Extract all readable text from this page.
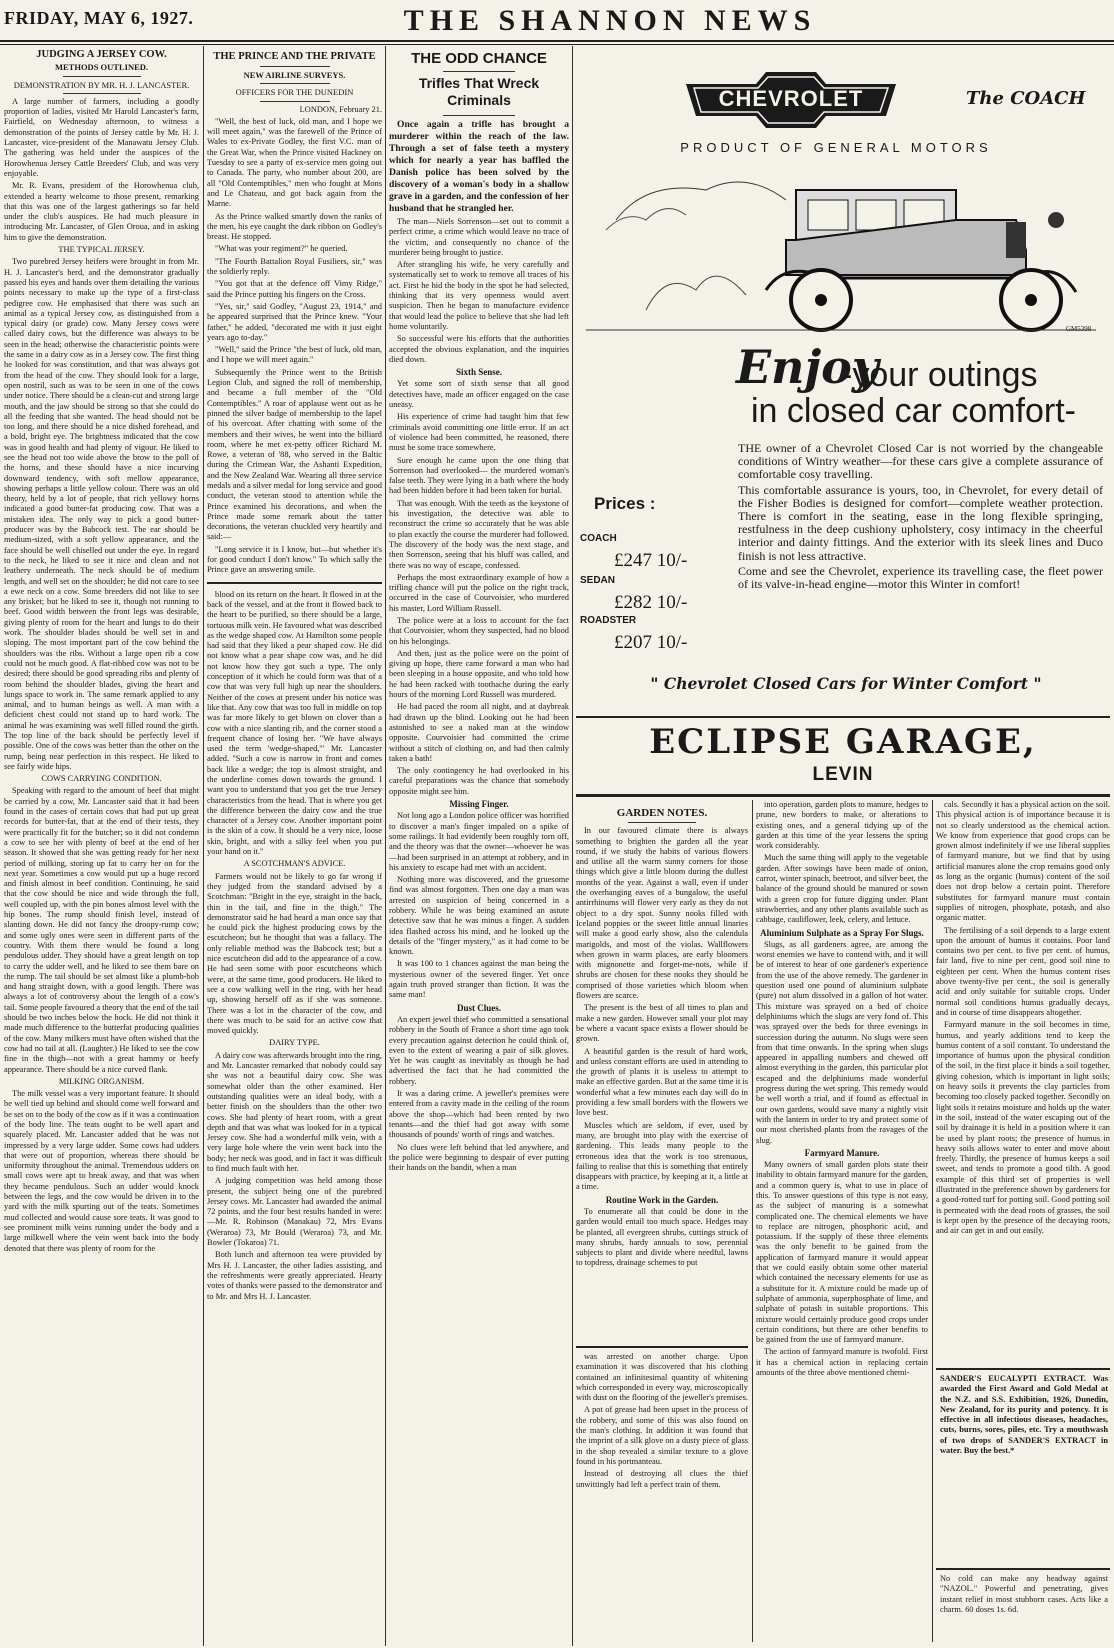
FRIDAY, MAY 6, 1927.	THE SHANNON NEWS
JUDGING A JERSEY COW.
METHODS OUTLINED.
DEMONSTRATION BY MR. H. J. LANCASTER.

A large number of farmers, including a goodly proportion of ladies, visited Mr Harold Lancaster's farm, Fairfield, on Wednesday afternoon, to witness a demonstration of the points of Jersey cattle by Mr. H. J. Lancaster, vice-president of the Manawatu Jersey Club. The gathering was held under the auspices of the Horowhenua Jersey Cattle Breeders' Club, and was very enjoyable.

Mr. R. Evans, president of the Horowhenua club, extended a hearty welcome to those present, remarking that this was one of the largest gatherings so far held under the club's auspices. He had much pleasure in introducing Mr. Lancaster, of Glen Oroua, and in asking him to give the demonstration.

THE TYPICAL JERSEY.

Two purebred Jersey heifers were brought in from Mr. H. J. Lancaster's herd, and the demonstrator gradually passed his eyes and hands over them detailing the various points necessary to make up the type of a first-class pedigree cow. He emphasised that there was such an animal as a typical Jersey cow, as distinguished from a typical dairy (or grade) cow. Many Jersey cows were called dairy cows, but the difference was always to be seen in the head; otherwise the characteristic points were the same in a dairy cow as in a Jersey cow. The first thing he looked for was constitution, and that was always got from the head of the cow. They should look for a large, open nostril, such as was to be seen in one of the cows under notice. There should be a clean-cut and strong large mouth, and the jaw should be strong so that she could do all the feeding that she wanted. The head should not be too long, and there should be a nice dished forehead, and a bold, bright eye. The brightness indicated that the cow was in good health and had plenty of vigour. He liked to see the head not too wide above the brow to the poll of the horns, and these should have a nice incurving downward tendency, with soft mellow appearance, showing perhaps a little yellow colour. There was an old theory, held by a lot of people, that rich yellowy horns indicated a good butter-fat producing cow. That was a mistaken idea. The only way to pick a good butter-producer was by the Babcock test. The ear should be medium-sized, with a soft yellow appearance, and the face should be well chiselled out under the eye. In regard to the neck, he liked to see it nice and clean and not leathery underneath. The neck should be of medium length, and well set on the shoulder; he did not care to see a ewe neck on a cow. Some breeders did not like to see any brisket; but he liked to see it, though not running to beef. Good width between the front legs was desirable, giving plenty of room for the heart and lungs to do their work. The shoulder blades should be well set in and sloping. The most important part of the cow behind the shoulders was the ribs. Without a large open rib a cow could not be much good. A flat-ribbed cow was not to be desired; there should be good spreading ribs and plenty of room behind the shoulder blades, giving the heart and lungs space to work in. The same remark applied to any animal, and to human beings as well. A man with a deficient chest could not stand up to hard work. The animal he was examining was well filled round the girth. The top line of the back should be perfectly level if possible. One of the cows was better than the other on the rump, being near perfection in this respect. He liked to see fairly wide hips.

COWS CARRYING CONDITION.

Speaking with regard to the amount of beef that might be carried by a cow, Mr. Lancaster said that it had been found in the cases of certain cows that had put up great records for butter-fat, that at the end of their tests, they were practically fit for the butcher; so it did not condemn a cow to see her with plenty of beef at the end of her season. It showed that she was getting ready for her next period of milking, storing up fat to carry her on for the next year. Sometimes a cow would put up a huge record and finish almost in beef condition. Continuing, he said that the cow should be nice and wide through the full, well coupled up, with the pin bones almost level with the hip bones. The rump should finish level, instead of slanting down. He did not fancy the droopy-rump cow; and some ugly ones were seen in different parts of the country. With them there would be found a long pendulous udder. They should have a great length on top to carry the udder well, and he liked to see them bare on the rump. The tail should be set almost like a plumb-bob and hang straight down, with a good length. There was always a lot of controversy about the length of a cow's tail. Some people favoured a theory that the end of the tail should be two inches below the hock. He did not think it made much difference to the butterfat producing qualities of the cow. Many milkers must have often wished that the cow had no tail at all. (Laughter.) He liked to see the cow fine in the thigh—not with a great hammy or beefy appearance. There should be a nice curved flank.

MILKING ORGANISM.

The milk vessel was a very important feature. It should be well tied up behind and should come well forward and be set on to the body of the cow as if it was a continuation of the body line. The teats ought to be well apart and squarely placed. Mr. Lancaster added that he was not impressed by a very large udder. Some cows had udders that were out of proportion, whereas there should be uniformity throughout the animal. Tremendous udders on small cows were apt to break away, and that was when they became pendulous. Such an udder would knock between the legs, and the cow would be driven in to the yard with the milk spurting out of the teats. Sometimes mud collected and would cause sore teats. It was good to see prominent milk veins running under the body and a large milkwell where the vein went back into the body denoted that there was plenty of room for the

THE PRINCE AND THE PRIVATE
NEW AIRLINE SURVEYS.
OFFICERS FOR THE DUNEDIN

LONDON, February 21.

"Well, the best of luck, old man, and I hope we will meet again," was the farewell of the Prince of Wales to ex-Private Godley, the first V.C. man of the Great War, when the Prince visited Hackney on Tuesday to see a party of ex-service men going out to Canada. The party, who number about 200, are all "Old Contemptibles," men who fought at Mons and Le Chateau, and got back again from the Marne.

As the Prince walked smartly down the ranks of the men, his eye caught the dark ribbon on Godley's breast. He stopped.

"What was your regiment?" he queried.

"The Fourth Battalion Royal Fusiliers, sir," was the soldierly reply.

"You got that at the defence off Vimy Ridge," said the Prince putting his fingers on the Cross.

"Yes, sir," said Godley, "August 23, 1914," and he appeared surprised that the Prince knew. "Your father," he added, "decorated me with it just eight years ago to-day."

"Well," said the Prince "the best of luck, old man, and I hope we will meet again."

Subsequently the Prince went to the British Legion Club, and signed the roll of membership, and became a full member of the "Old Contemptibles." A roar of applause went out as he pinned the silver badge of membership to the lapel of his overcoat. After chatting with some of the members and their wives, he went into the billiard room, where he met ex-petty officer Richard M. Rowe, a veteran of '88, who served in the Baltic during the Crimean War, the Ashanti Expedition, and the New Zealand War. Wearing all three service medals and a silver medal for long service and good conduct, the veteran stood to attention while the Prince examined his decorations, and when the Prince made some remark about the tatter decorations, the veteran chuckled very heartily and said:—

"Long service it is I know, but—but whether it's for good conduct I don't know." To which sally the Prince gave an answering smile.

blood on its return on the heart. It flowed in at the back of the vessel, and at the front it flowed back to the heart to be purified, so there should be a large, tortuous milk vein. He favoured what was described as the wedge shaped cow. At Hamilton some people had said that they liked a pear shaped cow. He did not know what a pear shape cow was, and he did not know how they got such a type. The only conception of it which he could form was that of a cow that was very full high up near the shoulders. Neither of the cows at present under his notice was like that. Any cow that was too full in middle on top was far more likely to get blown on clover than a cow with a nice slanting rib, and the corner stood a frequent chance of losing her. "We have always used the term 'wedge-shaped,'" Mr. Lancaster added. "Such a cow is narrow in front and comes back like a wedge; the top is almost straight, and the underline comes down towards the ground. I want you to understand that you get the true Jersey characteristics from the head. That is where you get the difference between the dairy cow and the true character of a Jersey cow. Another important point is the skin of a cow. It should be a very nice, loose skin, bright, and with a silky feel when you put your hand on it."

A SCOTCHMAN'S ADVICE.

Farmers would not be likely to go far wrong if they judged from the standard advised by a Scotchman: "Bright in the eye, straight in the back, thin in the tail, and fine in the thigh." The demonstrator said he had heard a man once say that he could pick the highest producing cows by the escutcheon; but he thought that was a fallacy. The only reliable method was the Babcock test; but a nice escutcheon did add to the appearance of a cow. He had seen some with poor escutcheons which were, at the same time, good producers. He liked to see a cow walking well in the ring, with her head up, showing herself off as if she was someone. There was a lot in the character of the cow, and there was much to be said for an active cow that moved quickly.

DAIRY TYPE.

A dairy cow was afterwards brought into the ring, and Mr. Lancaster remarked that nobody could say she was not a beautiful dairy cow. She was somewhat older than the other examined. Her outstanding qualities were an ideal body, with a better finish on the shoulders than the other two cows. She had plenty of heart room, with a great depth and that was what was looked for in a typical Jersey cow. She had a wonderful milk vein, with a very large hole where the vein went back into the body; her neck was good, and in fact it was difficult to find much fault with her.

A judging competition was held among those present, the subject being one of the purebred Jersey cows. Mr. Lancaster had awarded the animal 72 points, and the four best results handed in were:—Mr. R. Robinson (Manakau) 72, Mrs Evans (Weraroa) 73, Mr Bould (Weraroa) 73, and Mr. Bowler (Tokaroa) 71.

Both lunch and afternoon tea were provided by Mrs H. J. Lancaster, the other ladies assisting, and the refreshments were greatly appreciated. Hearty votes of thanks were passed to the demonstrator and to Mr. and Mrs H. J. Lancaster.

THE ODD CHANCE
Trifles That Wreck Criminals

Once again a trifle has brought a murderer within the reach of the law. Through a set of false teeth a mystery which for nearly a year has baffled the Danish police has been solved by the discovery of a woman's body in a shallow grave in a garden, and the confession of her husband that he strangled her.

The man—Niels Sorrenson—set out to commit a perfect crime, a crime which would leave no trace of the victim, and consequently no chance of the murderer being brought to justice.

After strangling his wife, he very carefully and systematically set to work to remove all traces of his act. First he hid the body in the spot he had selected, thinking that its very openness would avert suspicion. Then he began to manufacture evidence that would lead the police to believe that she had left home voluntarily.

So successful were his efforts that the authorities accepted the obvious explanation, and the inquiries died down.

Sixth Sense.

Yet some sort of sixth sense that all good detectives have, made an officer engaged on the case uneasy.

His experience of crime had taught him that few criminals avoid committing one little error. If an act of violence had been committed, he reasoned, there must be some trace somewhere.

Sure enough he came upon the one thing that Sorrenson had overlooked— the murdered woman's false teeth. They were lying in a bath where the body had been hidden before it had been taken for burial.

That was enough. With the teeth as the keystone of his investigation, the detective was able to reconstruct the crime so accurately that he was able to plan exactly the course the murderer had followed. The discovery of the body was the next stage, and then Sorrenson, seeing that his bluff was called, and there was no way of escape, confessed.

Perhaps the most extraordinary example of how a trifling chance will put the police on the right track, occurred in the case of Courvoisier, who murdered his master, Lord William Russell.

The police were at a loss to account for the fact that Courvoisier, whom they suspected, had no blood on his belongings.

And then, just as the police were on the point of giving up hope, there came forward a man who had been sleeping in a house opposite, and who told how he had been racked with toothache during the early hours of the morning Lord Russell was murdered.

He had paced the room all night, and at daybreak had drawn up the blind. Looking out he had been astonished to see a naked man at the window opposite. Courvoisier had committed the crime without a stitch of clothing on, and had then calmly taken a bath!

The only contingency he had overlooked in his careful preparations was the chance that somebody opposite might see him.

Missing Finger.

Not long ago a London police officer was horrified to discover a man's finger impaled on a spike of some railings. It had evidently been roughly torn off, and the theory was that the owner—whoever he was—had been surprised in an attempt at robbery, and in his anxiety to escape had met with an accident.

Nothing more was discovered, and the gruesome find was almost forgotten. Then one day a man was arrested on suspicion of being concerned in a robbery. While he was being examined an astute detective saw that he was minus a finger. A sudden idea flashed across his mind, and he looked up the details of the "finger mystery," as it had come to be known.

It was 100 to 1 chances against the man being the mysterious owner of the severed finger. Yet once again truth proved stranger than fiction. It was the same man!

Dust Clues.

An expert jewel thief who committed a sensational robbery in the South of France a short time ago took every precaution against detection he could think of, even to the extent of wearing a pair of silk gloves. Yet he was caught as inevitably as though he had advertised the fact that he had committed the robbery.

It was a daring crime. A jeweller's premises were entered from a cavity made in the ceiling of the room above the shop—which had been rented by two tenants—and the thief had got away with some thousands of pounds' worth of rings and watches.

No clues were left behind that led anywhere, and the police were beginning to despair of ever putting their hands on the bandit, when a man

CHEVROLET	The COACH
PRODUCT OF GENERAL MOTORS
GM5398
Enjoy
-your outings
in closed car comfort-
THE owner of a Chevrolet Closed Car is not worried by the changeable conditions of Wintry weather—for these cars give a complete assurance of comfortable cosy travelling.
This comfortable assurance is yours, too, in Chevrolet, for every detail of the Fisher Bodies is designed for comfort—complete weather protection. There is comfort in the seating, ease in the long flexible springing, restfulness in the deep cushiony upholstery, cosy intimacy in the cheerful interior and dainty fittings. And the exterior with its sleek lines and Duco finish is not less attractive.
Come and see the Chevrolet, experience its travelling case, the fleet power of its valve-in-head engine—motor this Winter in comfort!
Prices :
COACH
£247 10/-
SEDAN
£282 10/-
ROADSTER
£207 10/-
" Chevrolet Closed Cars for Winter Comfort "
ECLIPSE GARAGE,
LEVIN
GARDEN NOTES.

In our favoured climate there is always something to brighten the garden all the year round, if we study the habits of various flowers and utilise all the warm sunny corners for those things which give a little bloom during the dullest months of the year. Against a wall, even if under the overhanging eaves of a bungalow, the useful antirrhinums will flower very early as they do not object to a dry spot. Sunny nooks filled with Iceland poppies or the sweet little annual linaries will make a good early show, also the calendula marigolds, and most of the violas. Wallflowers when grown in warm places, are early bloomers with mignonette and forget-me-nots, while if shrubs are chosen for these nooks they should be comprised of those varieties which bloom when flowers are scarce.

The present is the best of all times to plan and make a new garden. However small your plot may be where a vacant space exists a flower should be grown.

A beautiful garden is the result of hard work, and unless constant efforts are used in attending to the growth of plants it is useless to attempt to make an effective garden. But at the same time it is wonderful what a few minutes each day will do in providing a few small borders with the flowers we love best.

Muscles which are seldom, if ever, used by many, are brought into play with the exercise of gardening. This leads many people to the erroneous idea that the work is too strenuous, failing to realise that this is something that entirely disappears with practice, by keeping at it, a little at a time.

Routine Work in the Garden.

To enumerate all that could be done in the garden would entail too much space. Hedges may be planted, all evergreen shrubs, cuttings struck of many shrubs, hardy annuals to sow, perennial subjects to plant and divide where needful, lawns to topdress, drainage schemes to put

was arrested on another charge. Upon examination it was discovered that his clothing contained an infinitesimal quantity of whitening which corresponded in every way, microscopically with dust on the flooring of the jeweller's premises.

A pot of grease had been upset in the process of the robbery, and some of this was also found on the man's clothing. In addition it was found that the imprint of a silk glove on a dusty piece of glass in the shop revealed a similar texture to a glove found in his portmanteau.

Instead of destroying all clues the thief unwittingly had left a perfect train of them.

into operation, garden plots to manure, hedges to prune, new borders to make, or alterations to existing ones, and a general tidying up of the garden at this time of the year lessens the spring work considerably.

Much the same thing will apply to the vegetable garden. After sowings have been made of onion, carrot, winter spinach, beetroot, and silver beet, the balance of the ground should be manured or sown with a green crop for future digging under. Plant strawberries, and any other plants available such as cabbage, cauliflower, leek, celery, and lettuce.

Aluminium Sulphate as a Spray For Slugs.

Slugs, as all gardeners agree, are among the worst enemies we have to contend with, and it will be of interest to hear of one gardener's experience from the use of the above remedy. The gardener in question used one pound of aluminium sulphate (pure) not alum dissolved in a gallon of hot water. This mixture was sprayed on a bed of choice delphiniums which the slugs are very fond of. This was sprayed over the beds for three evenings in succession during the autumn. No slugs were seen from that time onwards. In the spring when slugs appeared in appalling numbers and chewed off almost everything in the garden, this particular plot escaped and the delphiniums made wonderful progress during the wet spring. This remedy would be well worth a trial, and if found as effectual in our own gardens, would save many a nightly visit with the lantern in order to try and protect some of our most cherished plants from the ravages of the slug.

Farmyard Manure.

Many owners of small garden plots state their inability to obtain farmyard manure for the garden, and a common query is, what to use in place of this. To answer questions of this type is not easy, as the subject of manuring is a somewhat complicated one. The chemical elements we have to replace are nitrogen, phosphoric acid, and potassium. If the supply of these three elements was the only benefit to be gained from the application of farmyard manure it would appear that we could easily obtain some other material which contained the necessary elements for use as a substitute for it. A mixture could be made up of sulphate of ammonia, superphosphate of lime, and sulphate of potash in suitable proportions. This mixture would certainly produce good crops under certain conditions, but there are other benefits to be gained from the use of farmyard manure.

The action of farmyard manure is twofold. First it has a chemical action in replacing certain amounts of the three above mentioned chemi-

cals. Secondly it has a physical action on the soil. This physical action is of importance because it is not so clearly understood as the chemical action. We know from experience that good crops can be grown almost indefinitely if we use liberal supplies of farmyard manure, but we find that by using artificial manures alone the crop remains good only as long as the organic (humus) content of the soil does not drop below a certain point. Therefore substitutes for farmyard manure must contain supplies of nitrogen, phosphate, potash, and also organic matter.

The fertilising of a soil depends to a large extent upon the amount of humus it contains. Poor land contains two per cent. to five per cent. of humus, fair land, five to nine per cent, good soil nine to eighteen per cent. When the humus content rises above twenty-five per cent., the soil is generally acid and only suitable for suitable crops. Under normal soil conditions humus gradually decays, and in course of time disappears altogether.

Farmyard manure in the soil becomes in time, humus, and yearly additions tend to keep the humus content of a soil constant. To understand the importance of humus upon the physical condition of the soil, in the first place it binds a soil together, giving cohesion, which is important in light soils; on heavy soils it prevents the clay particles from becoming too closely packed together. Secondly on light soils it retains moisture and holds up the water in the soil, instead of the water escaping out of the soil by drainage it is held in a position where it can be used by plant roots; the presence of humus in heavy soils allows water to enter and move about freely. Thirdly, the presence of humus keeps a soil sweet, and tends to promote a good tilth. A good example of this third set of properties is well illustrated in the preference shown by gardeners for a good-rotted turf for potting soil. Good potting soil is permeated with the dead roots of grasses, the soil is kept open by the presence of the decaying roots, and air can get in and out easily.

SANDER'S EUCALYPTI EXTRACT. Was awarded the First Award and Gold Medal at the N.Z. and S.S. Exhibition, 1926, Dunedin, New Zealand, for its purity and potency. It is effective in all infectious diseases, headaches, cuts, burns, sores, piles, etc. Try a mouthwash of two drops of SANDER'S EXTRACT in water. Buy the best.*
No cold can make any headway against "NAZOL." Powerful and penetrating, gives instant relief in most stubborn cases. Acts like a charm. 60 doses 1s. 6d.
